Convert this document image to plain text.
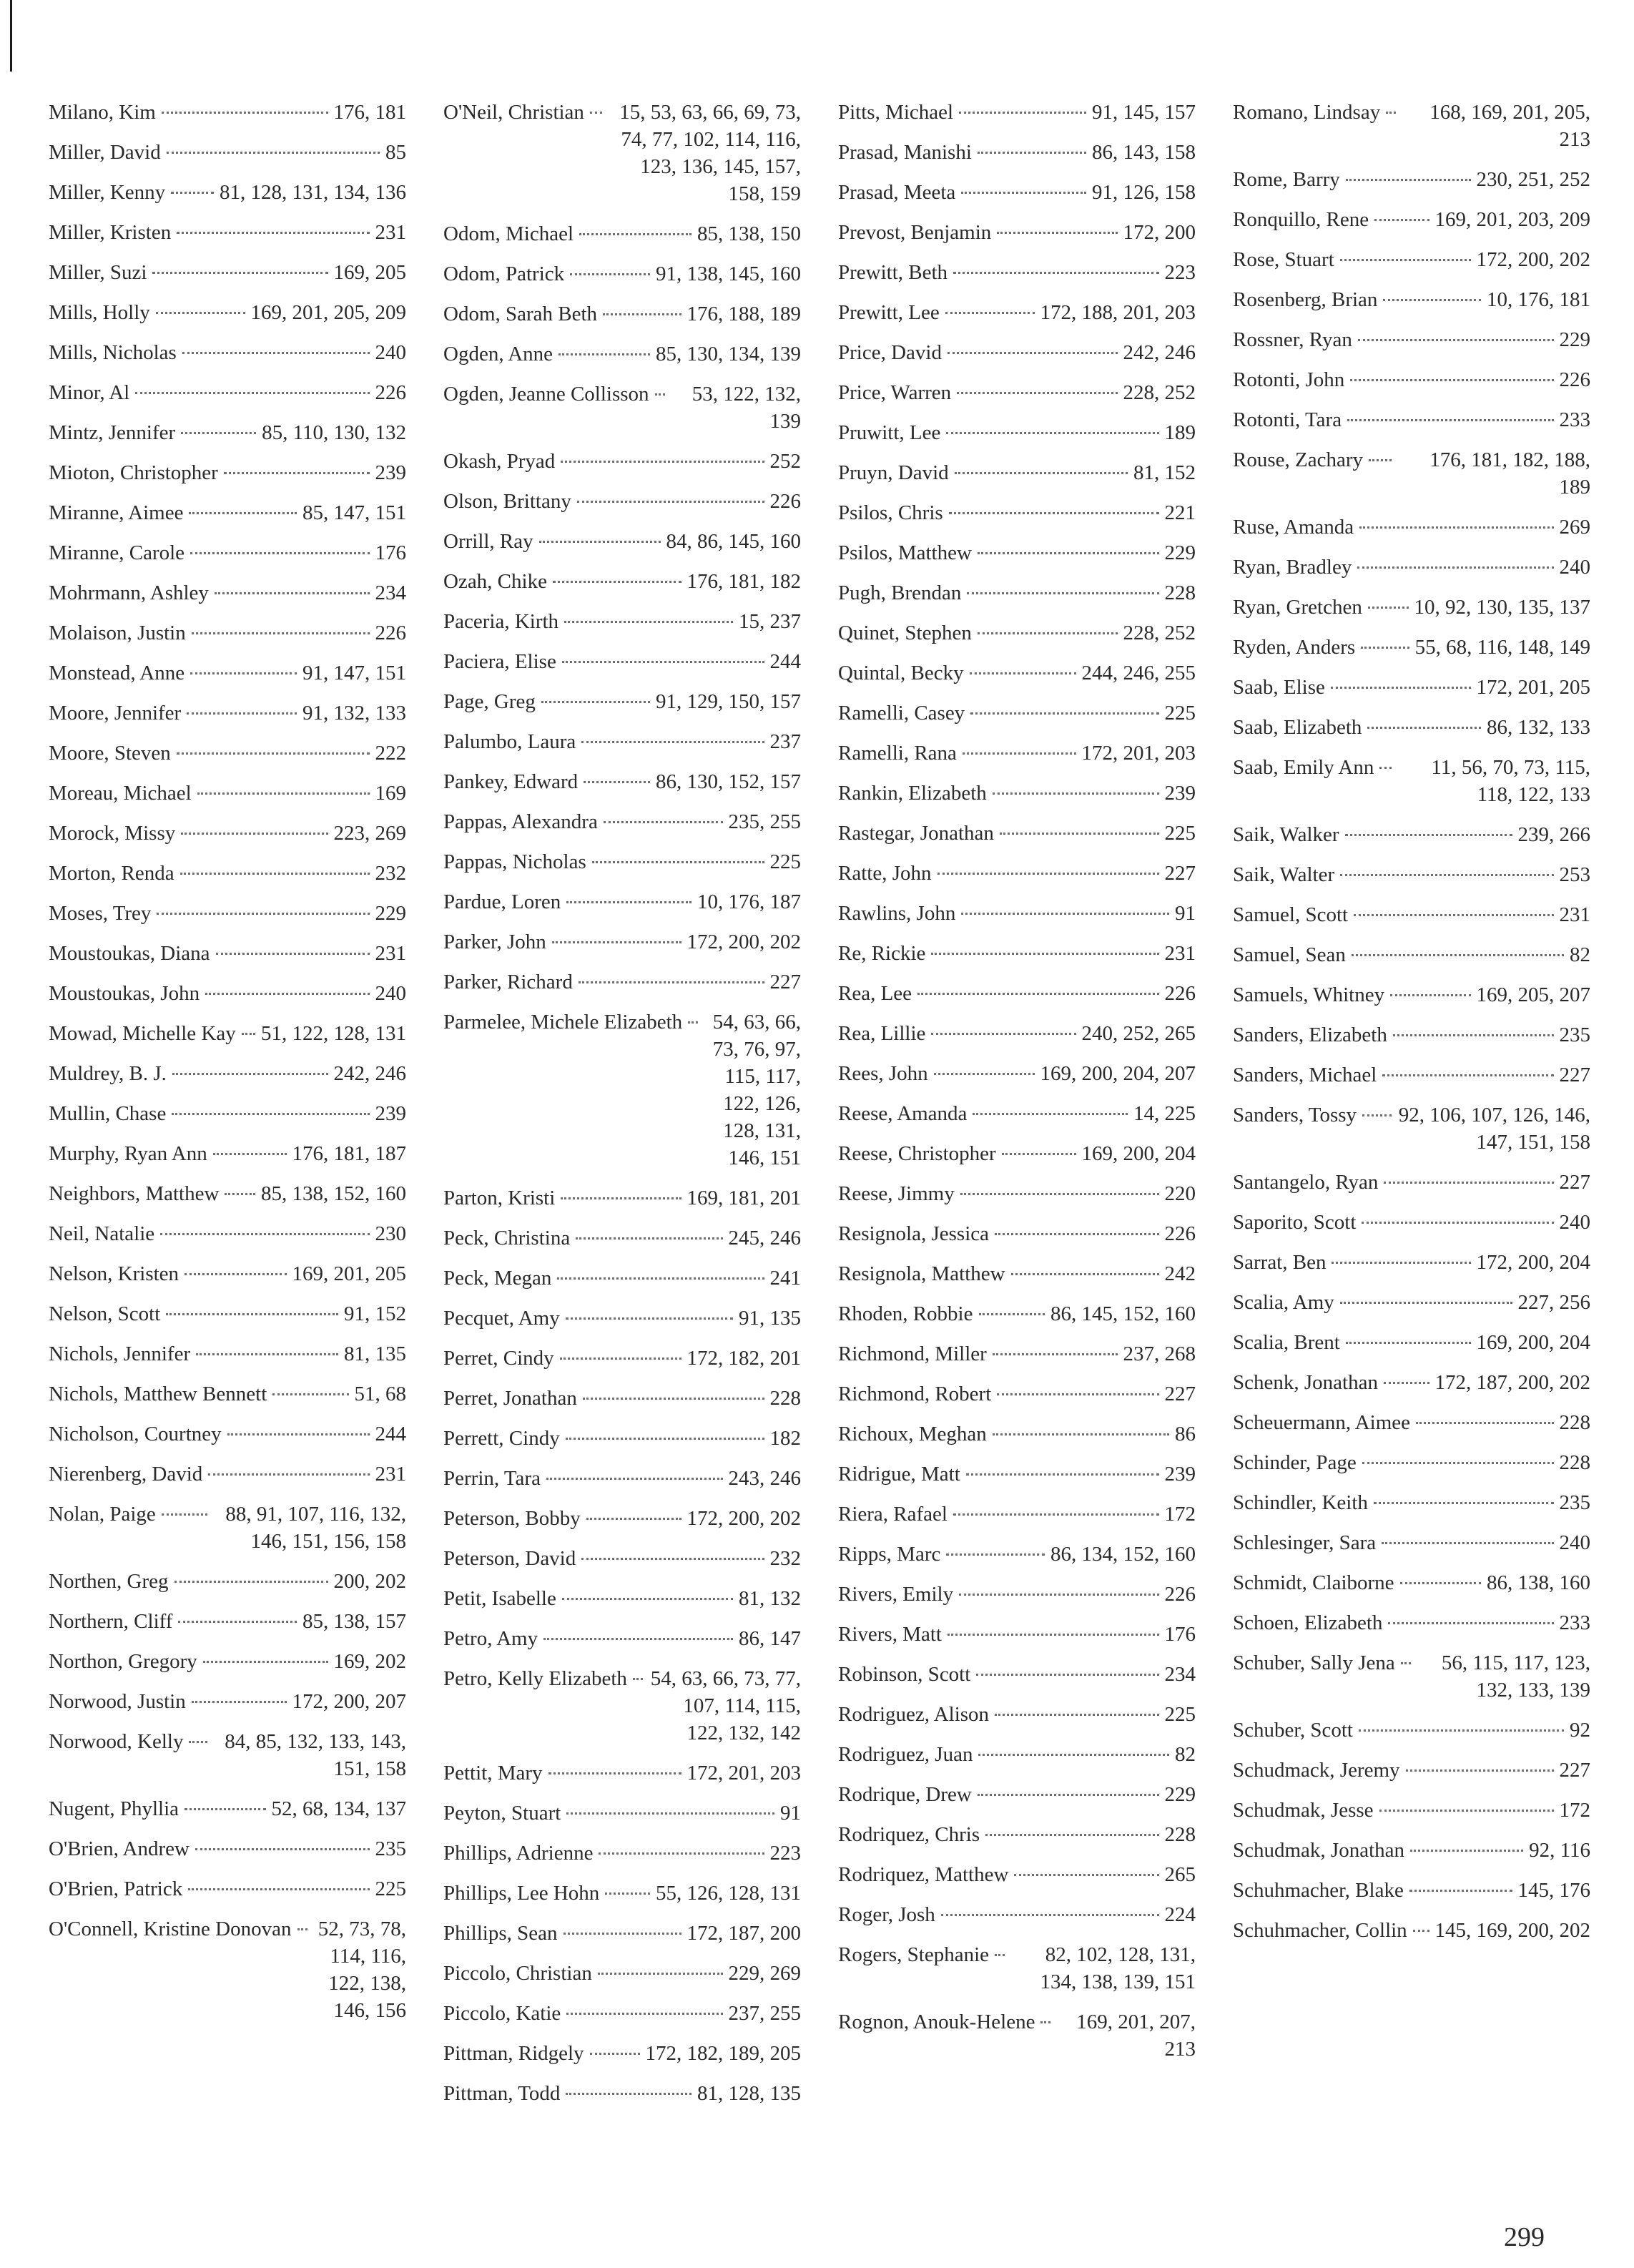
Milano, Kim	176, 181
Miller, David	85
Miller, Kenny	81, 128, 131, 134, 136
Miller, Kristen	231
Miller, Suzi	169, 205
Mills, Holly	169, 201, 205, 209
Mills, Nicholas	240
Minor, Al	226
Mintz, Jennifer	85, 110, 130, 132
Mioton, Christopher	239
Miranne, Aimee	85, 147, 151
Miranne, Carole	176
Mohrmann, Ashley	234
Molaison, Justin	226
Monstead, Anne	91, 147, 151
Moore, Jennifer	91, 132, 133
Moore, Steven	222
Moreau, Michael	169
Morock, Missy	223, 269
Morton, Renda	232
Moses, Trey	229
Moustoukas, Diana	231
Moustoukas, John	240
Mowad, Michelle Kay 51, 122, 128, 131
Muldrey, B. J.	242, 246
Mullin, Chase	239
Murphy, Ryan Ann	176, 181, 187
Neighbors, Matthew 85, 138, 152, 160
Neil, Natalie	230
Nelson, Kristen	169, 201, 205
Nelson, Scott	91, 152
Nichols, Jennifer	81, 135
Nichols, Matthew Bennett	51, 68
Nicholson, Courtney	244
Nierenberg, David	231
Nolan, Paige	88, 91, 107, 116, 132, 146, 151, 156, 158
Northen, Greg	200, 202
Northern, Cliff	85, 138, 157
Northon, Gregory	169, 202
Norwood, Justin	172, 200, 207
Norwood, Kelly	84, 85, 132, 133, 143, 151, 158
Nugent, Phyllia	52, 68, 134, 137
O'Brien, Andrew	235
O'Brien, Patrick	225
O'Connell, Kristine Donovan 52, 73, 78, 114, 116, 122, 138, 146, 156
O'Neil, Christian	15, 53, 63, 66, 69, 73, 74, 77, 102, 114, 116, 123, 136, 145, 157, 158, 159
Odom, Michael	85, 138, 150
Odom, Patrick	91, 138, 145, 160
Odom, Sarah Beth	176, 188, 189
Ogden, Anne	85, 130, 134, 139
Ogden, Jeanne Collisson	53, 122, 132, 139
Okash, Pryad	252
Olson, Brittany	226
Orrill, Ray	84, 86, 145, 160
Ozah, Chike	176, 181, 182
Paceria, Kirth	15, 237
Paciera, Elise	244
Page, Greg	91, 129, 150, 157
Palumbo, Laura	237
Pankey, Edward	86, 130, 152, 157
Pappas, Alexandra	235, 255
Pappas, Nicholas	225
Pardue, Loren	10, 176, 187
Parker, John	172, 200, 202
Parker, Richard	227
Parmelee, Michele Elizabeth	54, 63, 66, 73, 76, 97, 115, 117, 122, 126, 128, 131, 146, 151
Parton, Kristi	169, 181, 201
Peck, Christina	245, 246
Peck, Megan	241
Pecquet, Amy	91, 135
Perret, Cindy	172, 182, 201
Perret, Jonathan	228
Perrett, Cindy	182
Perrin, Tara	243, 246
Peterson, Bobby	172, 200, 202
Peterson, David	232
Petit, Isabelle	81, 132
Petro, Amy	86, 147
Petro, Kelly Elizabeth 54, 63, 66, 73, 77, 107, 114, 115, 122, 132, 142
Pettit, Mary	172, 201, 203
Peyton, Stuart	91
Phillips, Adrienne	223
Phillips, Lee Hohn	55, 126, 128, 131
Phillips, Sean	172, 187, 200
Piccolo, Christian	229, 269
Piccolo, Katie	237, 255
Pittman, Ridgely	172, 182, 189, 205
Pittman, Todd	81, 128, 135
Pitts, Michael	91, 145, 157
Prasad, Manishi	86, 143, 158
Prasad, Meeta	91, 126, 158
Prevost, Benjamin	172, 200
Prewitt, Beth	223
Prewitt, Lee	172, 188, 201, 203
Price, David	242, 246
Price, Warren	228, 252
Pruwitt, Lee	189
Pruyn, David	81, 152
Psilos, Chris	221
Psilos, Matthew	229
Pugh, Brendan	228
Quinet, Stephen	228, 252
Quintal, Becky	244, 246, 255
Ramelli, Casey	225
Ramelli, Rana	172, 201, 203
Rankin, Elizabeth	239
Rastegar, Jonathan	225
Ratte, John	227
Rawlins, John	91
Re, Rickie	231
Rea, Lee	226
Rea, Lillie	240, 252, 265
Rees, John	169, 200, 204, 207
Reese, Amanda	14, 225
Reese, Christopher	169, 200, 204
Reese, Jimmy	220
Resignola, Jessica	226
Resignola, Matthew	242
Rhoden, Robbie	86, 145, 152, 160
Richmond, Miller	237, 268
Richmond, Robert	227
Richoux, Meghan	86
Ridrigue, Matt	239
Riera, Rafael	172
Ripps, Marc	86, 134, 152, 160
Rivers, Emily	226
Rivers, Matt	176
Robinson, Scott	234
Rodriguez, Alison	225
Rodriguez, Juan	82
Rodrique, Drew	229
Rodriquez, Chris	228
Rodriquez, Matthew	265
Roger, Josh	224
Rogers, Stephanie	82, 102, 128, 131, 134, 138, 139, 151
Rognon, Anouk-Helene	169, 201, 207, 213
Romano, Lindsay	168, 169, 201, 205, 213
Rome, Barry	230, 251, 252
Ronquillo, Rene	169, 201, 203, 209
Rose, Stuart	172, 200, 202
Rosenberg, Brian	10, 176, 181
Rossner, Ryan	229
Rotonti, John	226
Rotonti, Tara	233
Rouse, Zachary	176, 181, 182, 188, 189
Ruse, Amanda	269
Ryan, Bradley	240
Ryan, Gretchen	10, 92, 130, 135, 137
Ryden, Anders	55, 68, 116, 148, 149
Saab, Elise	172, 201, 205
Saab, Elizabeth	86, 132, 133
Saab, Emily Ann	11, 56, 70, 73, 115, 118, 122, 133
Saik, Walker	239, 266
Saik, Walter	253
Samuel, Scott	231
Samuel, Sean	82
Samuels, Whitney	169, 205, 207
Sanders, Elizabeth	235
Sanders, Michael	227
Sanders, Tossy 92, 106, 107, 126, 146, 147, 151, 158
Santangelo, Ryan	227
Saporito, Scott	240
Sarrat, Ben	172, 200, 204
Scalia, Amy	227, 256
Scalia, Brent	169, 200, 204
Schenk, Jonathan	172, 187, 200, 202
Scheuermann, Aimee	228
Schinder, Page	228
Schindler, Keith	235
Schlesinger, Sara	240
Schmidt, Claiborne	86, 138, 160
Schoen, Elizabeth	233
Schuber, Sally Jena	56, 115, 117, 123, 132, 133, 139
Schuber, Scott	92
Schudmack, Jeremy	227
Schudmak, Jesse	172
Schudmak, Jonathan	92, 116
Schuhmacher, Blake	145, 176
Schuhmacher, Collin 145, 169, 200, 202
299
